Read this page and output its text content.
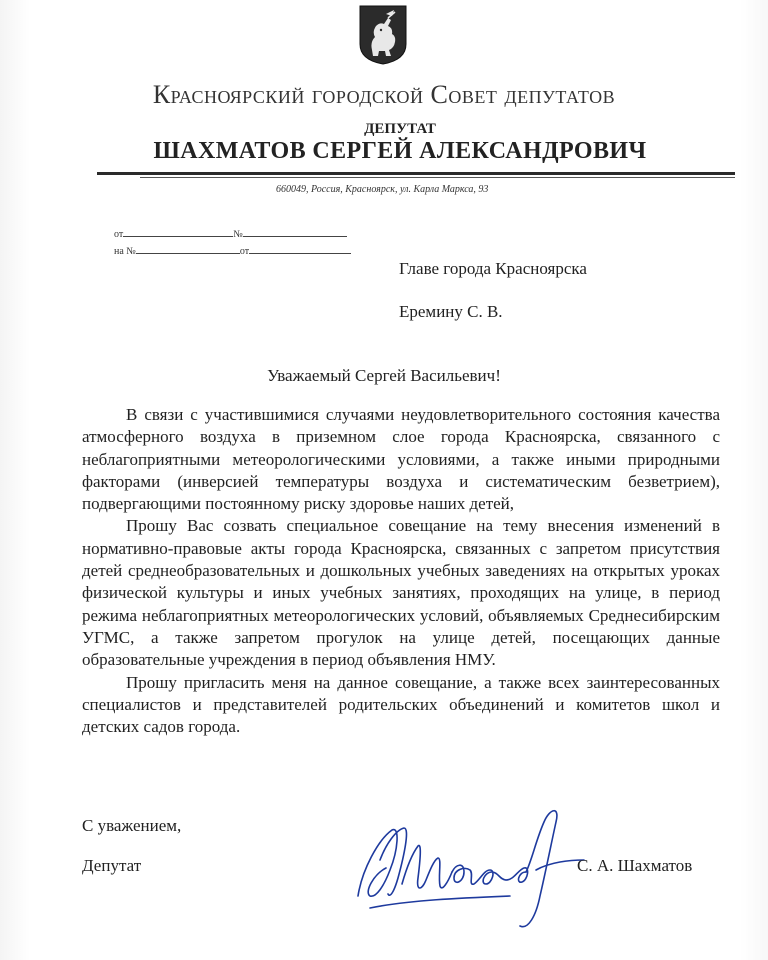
Красноярский городской Совет депутатов
ДЕПУТАТ
ШАХМАТОВ СЕРГЕЙ АЛЕКСАНДРОВИЧ
660049, Россия, Красноярск, ул. Карла Маркса, 93
от	№
на №	от
Главе города Красноярска
Еремину С. В.
Уважаемый Сергей Васильевич!

В связи с участившимися случаями неудовлетворительного состояния качества атмосферного воздуха в приземном слое города Красноярска, связанного с неблагоприятными метеорологическими условиями, а также иными природными факторами (инверсией температуры воздуха и систематическим безветрием), подвергающими постоянному риску здоровье наших детей,

Прошу Вас созвать специальное совещание на тему внесения изменений в нормативно-правовые акты города Красноярска, связанных с запретом присутствия детей среднеобразовательных и дошкольных учебных заведениях на открытых уроках физической культуры и иных учебных занятиях, проходящих на улице, в период режима неблагоприятных метеорологических условий, объявляемых Среднесибирским УГМС, а также запретом прогулок на улице детей, посещающих данные образовательные учреждения в период объявления НМУ.

Прошу пригласить меня на данное совещание, а также всех заинтересованных специалистов и представителей родительских объединений и комитетов школ и детских садов города.

С уважением,
Депутат	С. А. Шахматов
